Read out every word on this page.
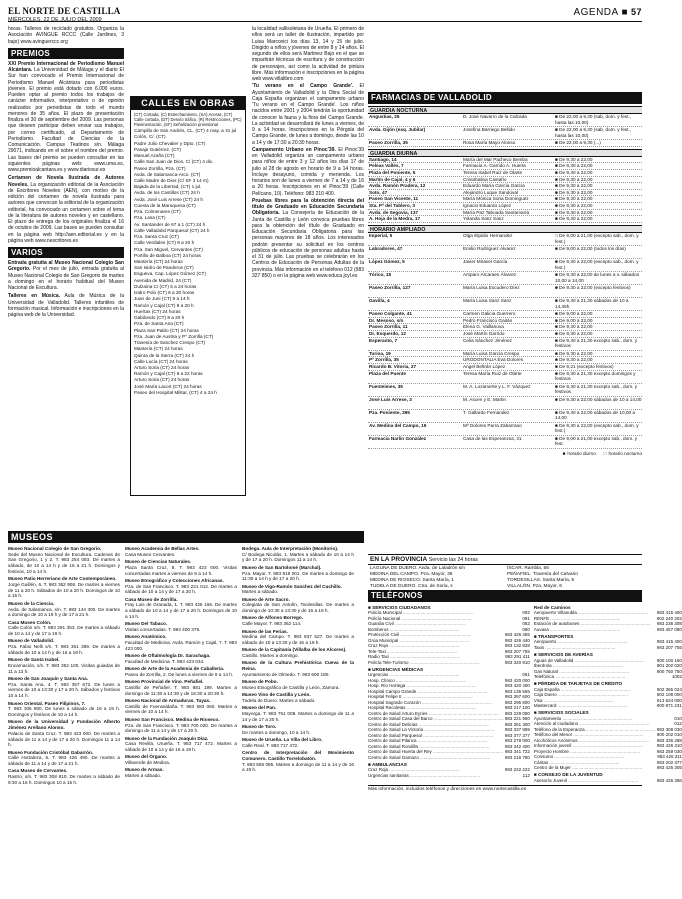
EL NORTE DE CASTILLA
MIÉRCOLES, 22 DE JULIO DEL 2009
AGENDA ■ 57
horas. Talleres de reciclado gratuitos. Organiza la Asociación AVINGUE RCCC (Calle Jardines, 3 bajo) www.avinguerccc.org
PREMIOS
XXI Premio Internacional de Periodismo Manuel Alcántara. La Universidad de Málaga y el diario El Sur han convocado el Premio Internacional de Periodismo Manuel Alcántara para periodistas jóvenes. El premio está dotado con 6.000 euros. Pueden optar al premio todos los trabajos de carácter informativo, interpretativo o de opinión realizados por periodistas de todo el mundo menores de 35 años. El plazo de presentación finaliza el 30 de septiembre del 2009. Las personas que deseen participar deben enviar sus trabajos, por correo certificado, al Departamento de Periodismo. Facultad de Ciencias de la Comunicación. Campus Teatinos s/n. Málaga 29071, indicando en el sobre el nombre del premio. Las bases del premio se pueden consultar en las siguientes páginas web: www.uma.es, www.premioalcantara.es y www.diariosur.es
Certamen de Novela Ilustrada de Autores Noveles. La organización editorial de la Asociación de Escritores Noveles (AEN), con motivo de la edición del certamen de novela ilustrada para autores que convocan la editorial de la organización editorial, ha convocado un certamen sobre el tema de la literatura de autores noveles y en castellano. El plazo de entrega de los originales finaliza el 16 de octubre de 2009. Las bases se pueden consultar en la página web http://aen.editorial.es y en la página web www.nescritores.es
VARIOS
Entrada gratuita al Museo Nacional Colegio San Gregorio. Por el mes de julio, entrada gratuita al Museo Nacional Colegio de San Gregorio de martes a domingo en el horario habitual del Museo Nacional de Escultura.
Talleres en Música. Aula de Música de la Universidad de Valladolid. Talleres infantiles de formación musical. Información e inscripciones en la página web de la Universidad.
CALLES EN OBRAS
(CT) Cortada, (C) Estrechamiento, (SA) Aceras, (CT) Calle cortada, (DT) Desvío tráfico, (R) Restricciones, (PC) Pavimentación, (SF) Señalización provisional
Campillo de San Andrés, CL. (CT) 4 may. a 31 jul
Colón, C/. (CT)
Padre Julio Chevalier y Dpto. (CT)
Pasaje Gutiérrez. (CT)
Manuel Azaña (CT)
Calle San Juan de Dios, C/ (CT) 4 dic.
Paseo Zorrilla, Pza. (CT)
Avda. de Salamanca-Arco. (CT)
Calle Madre de Dios (C/ SF 3 14 m)
Bajada de la Libertad, (CT) 1 jul.
Avda. de los Castillos (CT) 24 h
Avda. José Luis Arrese (CT) 24 h
Cuesta de la Maruquesa (CT)
Pza. Colmenares (CT)
Pza. Lasa (CT)
Av. Santander de 67 a 1 (CT) 24 h
Calle Valladolid Parquesol (CT) 24 h
Pza. Santa Cruz (CT)
Calle Verdiales (CT) 8 a 20 h
Pza. San Miguel, Cervantes (CT)
Portillo de Balboa (CT) 24 horas
Mantería (CT) 24 horas
San Isidro de Panderos (CT)
Esgueva, Cap. López Gómez (CT)
Avenida de Madrid, 24 (CT)
Dulzaina C/ (CT) 5 a 24 horas
Isidro Polo (CT) 8 a 20 horas
Juan de Juni (CT) 9 a 14 h
Ramón y Cajal (CT) 8 a 20 h
Huertas (CT) 24 horas
Gabilondo (CT) 8 a 20 h
Pza. de Santa Ana (CT)
Plaza San Pablo (CT) 24 horas
Pza. Juan de Austria y P° Zorrilla (CT)
Travesía de Sanchez Crespo (CT)
Mantería (CT) 24 horas
Quinta de la Sierra (CT) 24 h
Calle Lucía (CT) 24 horas
Arturo Soria (CT) 24 horas
Ramón y Cajal (CT) 8 a 22 horas
Arturo Soria (CT) 24 horas
José María Lacort (CT) 24 horas
Paseo del Hospital Militar, (CT) 4 a 24 h
la localidad vallisoletana de Urueña. El primero de ellos será un taller de ilustración, impartido por Luisa Marcovici los días 13, 14 y 15 de julio. Dirigido a niños y jóvenes de entre 8 y 14 años. El segundo de ellos será Martinez Bajo en el que se impartirán técnicas de escritura y de construcción de personajes, así como la actividad de pintura libre. Más información e inscripciones en la página web www.villalibro.com
'Tu verano en el Campo Grande'. El Ayuntamiento de Valladolid y la Obra Social de Caja España organizan el campamento urbano 'Tu verano en el Campo Grande'. Los niños nacidos entre 2001 y 2004 tendrán la oportunidad de conocer la fauna y la flora del Campo Grande. La actividad se desarrollará de lunes a viernes, de 9 a 14 horas. Inscripciones en la Pérgola del Campo Grande, de lunes a domingo, desde las 10 a 14 y de 17:30 a 20:30 horas.
Campamento Urbano en Pinoc'39. El Pinoc'39 en Valladolid organiza un campamento urbano para niños de entre 3 y 12 años los días 17 de julio al 28 de agosto en horario de 9 a 14 horas. Incluye desayuno, comida y merienda. Los horarios son de lunes a viernes de 7 a 14 y de 16 a 20 horas. Inscripciones en el Pinoc'39 (Calle Pelícano, 10). Teléfono: 983 210 400.
Pruebas libres para la obtención directa del título de Graduado en Educación Secundaria Obligatoria. La Consejería de Educación de la Junta de Castilla y León convoca pruebas libres para la obtención del título de Graduado en Educación Secundaria Obligatoria para las personas mayores de 18 años. Los interesados podrán presentar su solicitud en los centros públicos de educación de personas adultas hasta el 31 de julio. Las pruebas se celebrarán en los Centros de Educación de Personas Adultas de la provincia. Más información en el teléfono 012 (983 327 850) o en la página web www.educa.jcyl.es
FARMACIAS DE VALLADOLID
GUARDIA NOCTURNA
Angustias, 25	D. José Navarro de la Calzada	■ De 22,00 a 9,30 (sab, dom. y fest., hasta las 10,00)
Avda. Gijón (esq. Jubilar)	Josefina Barriego Bellido	■ De 22,00 a 9,30 (sab, dom. y fest., hasta las 10,00)
Paseo Zorrilla, 35	Rosa María Mayo Alonso	■ De 22,00 a 9,30 (...)
GUARDIA DIURNA
Santiago, 14	María del Mar Pacheco Bemba	■ De 9,30 a 22,00
Peleas Vallés, 7	Farmacia A. Garrido A. Huerta	■ De 9,30 a 22,00
Plaza del Poniente, 5	Teresa Isabel Ruiz de Olarte	■ De 9,30 a 22,00
Martín de Cajal, 4 y 6	Cristobalina Castaño	■ De 9,30 a 22,00
Avda. Ramón Pradera, 12	Eduardo María García García	■ De 9,30 a 22,00
Soto, 47	Alejandro Luque Sandoval	■ De 9,30 a 22,00
Paseo San Vicente, 11	María Mónica Soria Dominguez	■ De 9,30 a 22,00
Sta. Pª del Tablero, 3	Ignacio Eduardo López	■ De 9,30 a 22,00
Avda. de Segovia, 137	María Paz Taboada Santamaría	■ De 9,30 a 22,00
A. Hoja de la Medra, 17	Yolanda Sanz Sanz	■ De 9,30 a 22,00
HORARIO AMPLIADO
Imperial, 5	Olga Elpidio Hernandez	□ De 9,00 a 21,00 (excepto sab., dom. y fest.)
Labradores, 47	Emilio Rodríguez Álvarez	■ De 9,00 a 22,00 (todos los días)
López Gómez, 5	Javier Miravel García	■ De 9,30 a 22,00 (excepto sab., dom. y fest.)
Tórico, 15	Amparo Arcaraes Álvarez	■ De 9,30 a 22,00 de lunes a v. sábados 10,00 a 14,00
Paseo Zorrilla, 127	María Luisa Escudero Díez	■ De 9,30 a 22,00 (excepto festivos)
Gavilla, 4	María Luisa Sanz Sanz	■ De 9,30 a 21,30 sábados de 10 a 14,45h
Paseo Colgante, 41	Carmen Galicia Guerrero	■ De 9,00 a 22,00
Dr. Mesoso, s/n	Pedro Francisco Gaitán	■ De 9,00 a 22,00
Paseo Zorrilla, 11	Elena G. Vaillanova	■ De 9,30 a 22,00
Dr. Esquerdo, 12	José Martín Garrido	■ De 9,30 a 22,00
Esperanto, 7	Celia Sánchez Jiménez	■ De 9,30 a 21,30 excepto sab., dom. y festivos
Turina, 19	María Luisa García Crespo	■ De 9,30 a 22,00
Pº Zorrilla, 35	URODONTALIA Eva Dolores	■ De 9,30 a 22,00
Ricardo B. Vitoria, 27	Angel Beltrán López	■ De 9,21 (excepto festivos)
Plaza del Puente	Teresa María Ruiz de Olarte	■ De 9,30 a 21,30 excepto domingos y festivos
Fuenteimes, 35	M. A. Lozamerte y L. F. Vázquez	■ De 9,30 a 21,30 excepto sab., dom. y festivos
José Luis Arrese, 3	M. Ascen y E. Martin	■ De 9,30 a 22,00 sábados de 10 a 14,00
Pza. Poniente, 295	T. Gallardo Fernandez	■ De 9,30 a 22,00 sábados de 10,00 a 14,00
Av. Medina del Campo, 15	Mª Dolores Parra Zabarrano	■ De 9,30 a 22,00 (excepto sab., dom. y fest.)
Farmacia Narlin González	Casa de las Esperanzas, 31	■ De 9,00 a 21,00 excepto sab., dom. y fest.
■ horario diurno	□ horario nocturno
EN LA PROVINCIA Servicio las 24 horas
LAGUNA DE DUERO. Avda. de Laladrón s/n
MEDINA DEL CAMPO. Pza. Mayor, 36
MEDINA DE RIOSECO. Santa María, 1
TUDELA DE DUERO. Ctra. de Soria, s
ÍSCAR. Rambla, 56
PEÑAFIEL. Travesía del Calvario
TORDESILLAS. Santa María, 9
VILLALÓN. Pza. Mayor, 6
TELÉFONOS
■ SERVICIOS CIUDADANOS
Policía Municipal .....	092
Policía Nacional .....	091
Guardia Civil .....	062
Bomberos .....	080
Protección Civil .....	983 426 455
Grúa Municipal .....	983 426 440
Cruz Roja .....	983 132 828
Tele-Taxi .....	983 207 755
Radio Taxi .....	983 291 411
Policía Tele-Turismo .....	983 320 910
■ URGENCIAS MÉDICAS
Urgencias .....	061
Hosp. Clínico .....	983 420 000
Hosp. Río Hortega .....	983 420 400
Hospital Campo Grande .....	983 135 555
Hospital Felipe II .....	983 397 600
Hospital Sagrado Corazón .....	983 295 800
Hospital Recoletas .....	983 217 100
Centro de Salud Arturo Eyries .....	983 229 080
Centro de Salud Casa del Barco .....	983 221 950
Centro de Salud Delicias .....	983 351 300
Centro de Salud La Victoria .....	983 337 899
Centro de Salud Parquesol .....	983 377 377
Centro de Salud Pilarica .....	983 279 000
Centro de Salud Rondilla .....	983 342 400
Centro de Salud Huerta del Rey .....	983 341 722
Centro de Salud Gamazo .....	983 216 780
■ AMBULANCIAS
Cruz Roja .....	983 222 222
Urgencias sanitarias .....	112
Red de Caminos
Aeropuerto Villanubla .....	983 415 400
RENFE .....	902 240 202
Estación de autobuses .....	983 236 308
Auvasa .....	983 457 080
■ TRANSPORTES
Aeropuerto .....	983 415 400
Taxis .....	983 207 755
■ SERVICIOS DE AVERÍAS
Aguas de Valladolid .....	900 100 160
Iberdrola .....	901 202 020
Gas Natural .....	900 750 750
Telefónica .....	1002
■ PÉRDIDA DE TARJETAS DE CRÉDITO
Caja España .....	902 365 024
Caja Duero .....	902 108 000
Visa .....	913 624 000
Mastercard .....	900 971 231
■ SERVICIOS SOCIALES
Ayuntamiento .....	010
Atención al ciudadano .....	012
Teléfono de la Esperanza .....	983 308 030
Teléfono del Menor .....	900 202 010
Alcohólicos Anónimos .....	983 336 288
Información juvenil .....	983 426 310
Proyecto Hombre .....	983 259 030
Consumo .....	983 426 311
Cáritas .....	983 202 377
Centro de la Mujer .....	983 426 305
■ CONSEJO DE LA JUVENTUD
Asesoría Juvenil .....	983 426 386
Más información, incluidos teléfonos y direcciones en www.nortecastilla.es
MUSEOS
Museo Nacional Colegio de San Gregorio.
Sede del Museo Nacional de Escultura. Cadenas de San Gregorio, 1 y 2. T. 983 254 083. De martes a sábado, de 10 a 14 h y de 16 a 21 h. Domingos y festivos, 10 a 14 h.
Museo Patio Herreriano de Arte Contemporáneo.
Jorge Guillén, 6. T. 983 362 908. De martes a viernes de 11 a 20 h. Sábados de 10 a 20 h. Domingos de 10 a 15 h.
Museo de la Ciencia.
Avda. de Salamanca, s/n. T. 983 144 300. De martes a domingo de 10 a 19 h y de 17 a 21 h.
Casa Museo Colón.
Calle Colón s/n. T. 983 291 353. De martes a sábado de 10 a 14 y de 17 a 19 h.
Museo de Valladolid.
Pza. Fabio Nelli s/n. T. 983 351 389. De martes a sábado de 10 a 14 h y de 16 a 19 h.
Museo de Santa Isabel.
Encarnación, s/n. T. 983 352 100. Visitas guiadas de 11 a 13 h.
Museo de San Joaquín y Santa Ana.
Pza. Santa Ana, 4. T. 983 357 672. De lunes a viernes de 10 a 13:30 y 17 a 20 h. Sábados y festivos 10 a 14 h.
Museo Oriental. Paseo Filipinos, 7.
T. 983 306 800. De lunes a sábado de 16 a 19 h. Domingos y festivos de 10 a 14 h.
Museo de la Universidad y Fundación Alberto Jiménez Arellano Alonso.
Palacio de Santa Cruz. T. 983 423 000. De martes a sábado de 11 a 14 y de 17 a 20 h. Domingos 11 a 14 h.
Museo Fundación Cristóbal Gabarrón.
Calle Hortaleza, 6. T. 983 426 490. De martes a sábado de 11 a 14 y de 17 a 21 h.
Casa Museo de Cervantes.
Rastro, s/n. T. 983 308 810. De martes a sábado de 9:30 a 15 h. Domingos 10 a 15 h.
Museo Academia de Bellas Artes.
Casa Museo Cervantes.
Museo de Ciencias Naturales.
Plaza Santa Cruz, 8. T. 983 423 000. Visitas concertadas martes a viernes de 9 a 14 h.
Museo Etnográfico y Colecciones Africanas.
Pza. de San Francisco. T. 983 221 012. De martes a sábado de 10 a 14 y de 17 a 20 h.
Casa Museo de Zorrilla.
Fray Luis de Granada, 1. T. 983 426 166. De martes a sábado de 10 a 14 y de 17 a 20 h. Domingos de 10 a 14 h.
Museo Del Tabaco.
Visitas concertadas. T. 983 400 379.
Museo Anatómico.
Facultad de Medicina. Avda. Ramón y Cajal, 7. T. 983 423 000.
Museo de Oftalmología Dr. Sarachaga.
Facultad de Medicina. T. 983 423 034.
Museo de Arte de la Academia de Caballería.
Paseo de Zorrilla, 2. De lunes a viernes de 9 a 14 h.
Museo Provincial de Vino. Peñafiel.
Castillo de Peñafiel. T. 983 881 199. Martes a domingo de 11:30 a 14:30 y de 16:30 a 20:30 h.
Museo Nacional de Armaduras. Tuyas.
Castillo de Fuensaldaña. T. 983 583 060. Martes a viernes de 10 a 14 h.
Museo San Francisco. Medina de Rioseco.
Pza. de San Francisco. T. 983 700 020. De martes a domingo de 11 a 14 y de 17 a 20 h.
Museo de la Fundación Joaquín Díaz.
Casa Revilla, Urueña. T. 983 717 472. Martes a sábado de 10 a 14 y de 16 a 19 h.
Museo del Órgano.
Villaverde de Medina.
Museo de Armas.
Martes a sábado.
Bodega. Aula de Interpretación (Monitorio).
C/ Bodega Nicolás, 1. Martes a sábado de 10 a 14 h y de 17 a 20 h. Domingos 11 a 14 h.
Museo de San Bartolomé (Marchal).
Pza. Mayor. T. 983 819 001. De martes a domingo de 11:30 a 14 h y de 17 a 20 h.
Museo de Vigo-Ramón Sanchez del Cuchillo.
Martes a sábado.
Museo de Arte Sacro.
Colegiata de San Antolín, Tordesillas. De martes a domingo de 10:30 a 13:30 y de 16 a 19 h.
Museo de Alfonso Borrego.
Calle Mayor. T. 983 362 114.
Museo de las Ferias.
Medina del Campo. T. 983 837 527. De martes a sábado de 10 a 13:30 y de 16 a 19 h.
Museo de la Capitanía (Villalba de los Alcores).
Castillo. Martes a domingo.
Museo de la Cultura Prehistórica Cueva de la Reina.
Ayuntamiento de Olmedo. T. 983 600 180.
Museo de Pobo.
Museo Etnográfico de Castilla y León, Zamora.
Museo Vino de Castilla y León.
Tudela de Duero. Martes a sábado.
Museo del Pan.
Mayorga. T. 983 751 008. Martes a domingo de 11 a 14 y de 17 a 20 h.
Museo de Toro.
De martes a domingo, 10 a 14 h.
Museo de Urueña. La Villa del Libro.
Calle Real. T. 983 717 472.
Centro de Interpretación del Movimiento Comunero. Castillo Torrelobatón.
T. 983 565 085. Martes a domingo de 11 a 14 y de 16 a 19 h.
